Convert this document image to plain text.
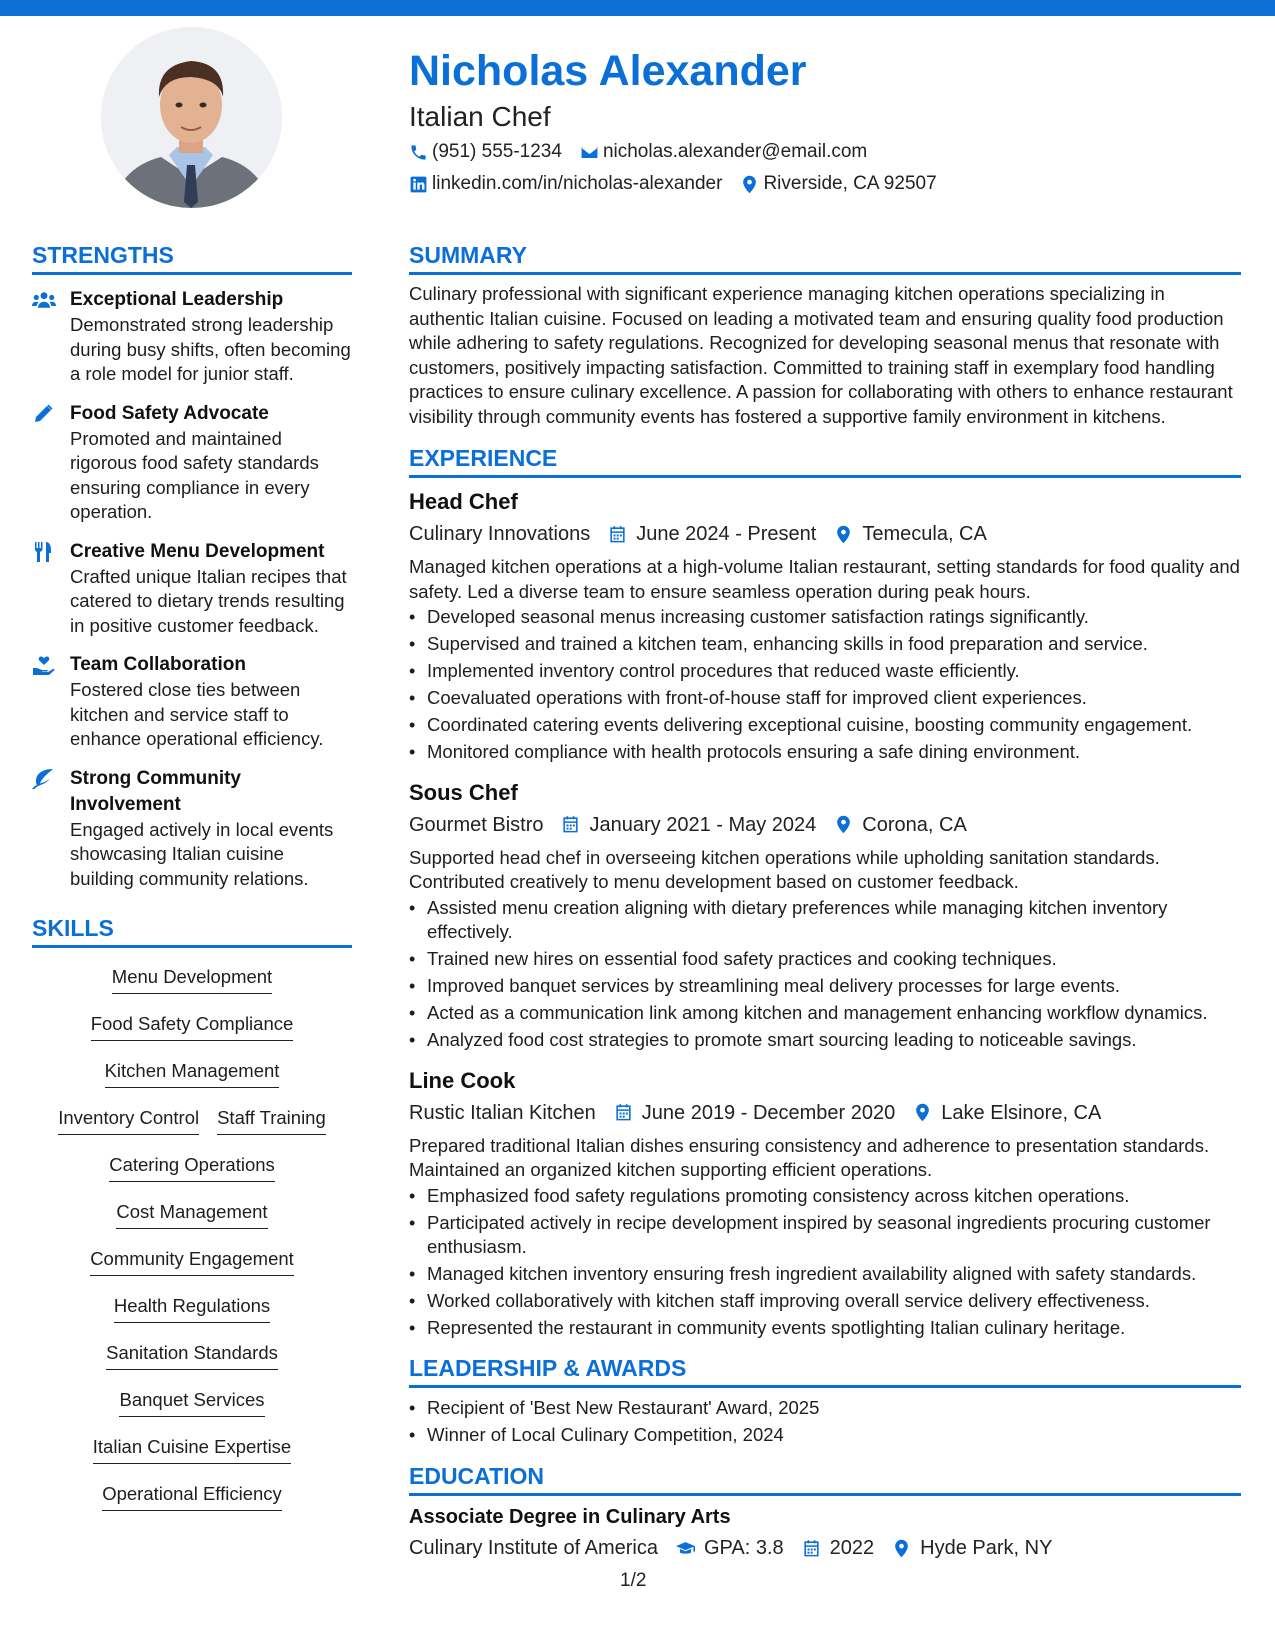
Nicholas Alexander
Italian Chef
(951) 555-1234 nicholas.alexander@email.com
linkedin.com/in/nicholas-alexander Riverside, CA 92507
STRENGTHS
Exceptional Leadership
Demonstrated strong leadership during busy shifts, often becoming a role model for junior staff.
Food Safety Advocate
Promoted and maintained rigorous food safety standards ensuring compliance in every operation.
Creative Menu Development
Crafted unique Italian recipes that catered to dietary trends resulting in positive customer feedback.
Team Collaboration
Fostered close ties between kitchen and service staff to enhance operational efficiency.
Strong Community Involvement
Engaged actively in local events showcasing Italian cuisine building community relations.
SKILLS
Menu Development
Food Safety Compliance
Kitchen Management
Inventory Control Staff Training
Catering Operations
Cost Management
Community Engagement
Health Regulations
Sanitation Standards
Banquet Services
Italian Cuisine Expertise
Operational Efficiency
SUMMARY
Culinary professional with significant experience managing kitchen operations specializing in authentic Italian cuisine. Focused on leading a motivated team and ensuring quality food production while adhering to safety regulations. Recognized for developing seasonal menus that resonate with customers, positively impacting satisfaction. Committed to training staff in exemplary food handling practices to ensure culinary excellence. A passion for collaborating with others to enhance restaurant visibility through community events has fostered a supportive family environment in kitchens.
EXPERIENCE
Head Chef
Culinary Innovations June 2024 - Present Temecula, CA
Managed kitchen operations at a high-volume Italian restaurant, setting standards for food quality and safety. Led a diverse team to ensure seamless operation during peak hours.
• Developed seasonal menus increasing customer satisfaction ratings significantly.
• Supervised and trained a kitchen team, enhancing skills in food preparation and service.
• Implemented inventory control procedures that reduced waste efficiently.
• Coevaluated operations with front-of-house staff for improved client experiences.
• Coordinated catering events delivering exceptional cuisine, boosting community engagement.
• Monitored compliance with health protocols ensuring a safe dining environment.
Sous Chef
Gourmet Bistro January 2021 - May 2024 Corona, CA
Supported head chef in overseeing kitchen operations while upholding sanitation standards. Contributed creatively to menu development based on customer feedback.
• Assisted menu creation aligning with dietary preferences while managing kitchen inventory effectively.
• Trained new hires on essential food safety practices and cooking techniques.
• Improved banquet services by streamlining meal delivery processes for large events.
• Acted as a communication link among kitchen and management enhancing workflow dynamics.
• Analyzed food cost strategies to promote smart sourcing leading to noticeable savings.
Line Cook
Rustic Italian Kitchen June 2019 - December 2020 Lake Elsinore, CA
Prepared traditional Italian dishes ensuring consistency and adherence to presentation standards. Maintained an organized kitchen supporting efficient operations.
• Emphasized food safety regulations promoting consistency across kitchen operations.
• Participated actively in recipe development inspired by seasonal ingredients procuring customer enthusiasm.
• Managed kitchen inventory ensuring fresh ingredient availability aligned with safety standards.
• Worked collaboratively with kitchen staff improving overall service delivery effectiveness.
• Represented the restaurant in community events spotlighting Italian culinary heritage.
LEADERSHIP & AWARDS
• Recipient of 'Best New Restaurant' Award, 2025
• Winner of Local Culinary Competition, 2024
EDUCATION
Associate Degree in Culinary Arts
Culinary Institute of America GPA: 3.8 2022 Hyde Park, NY
1/2
